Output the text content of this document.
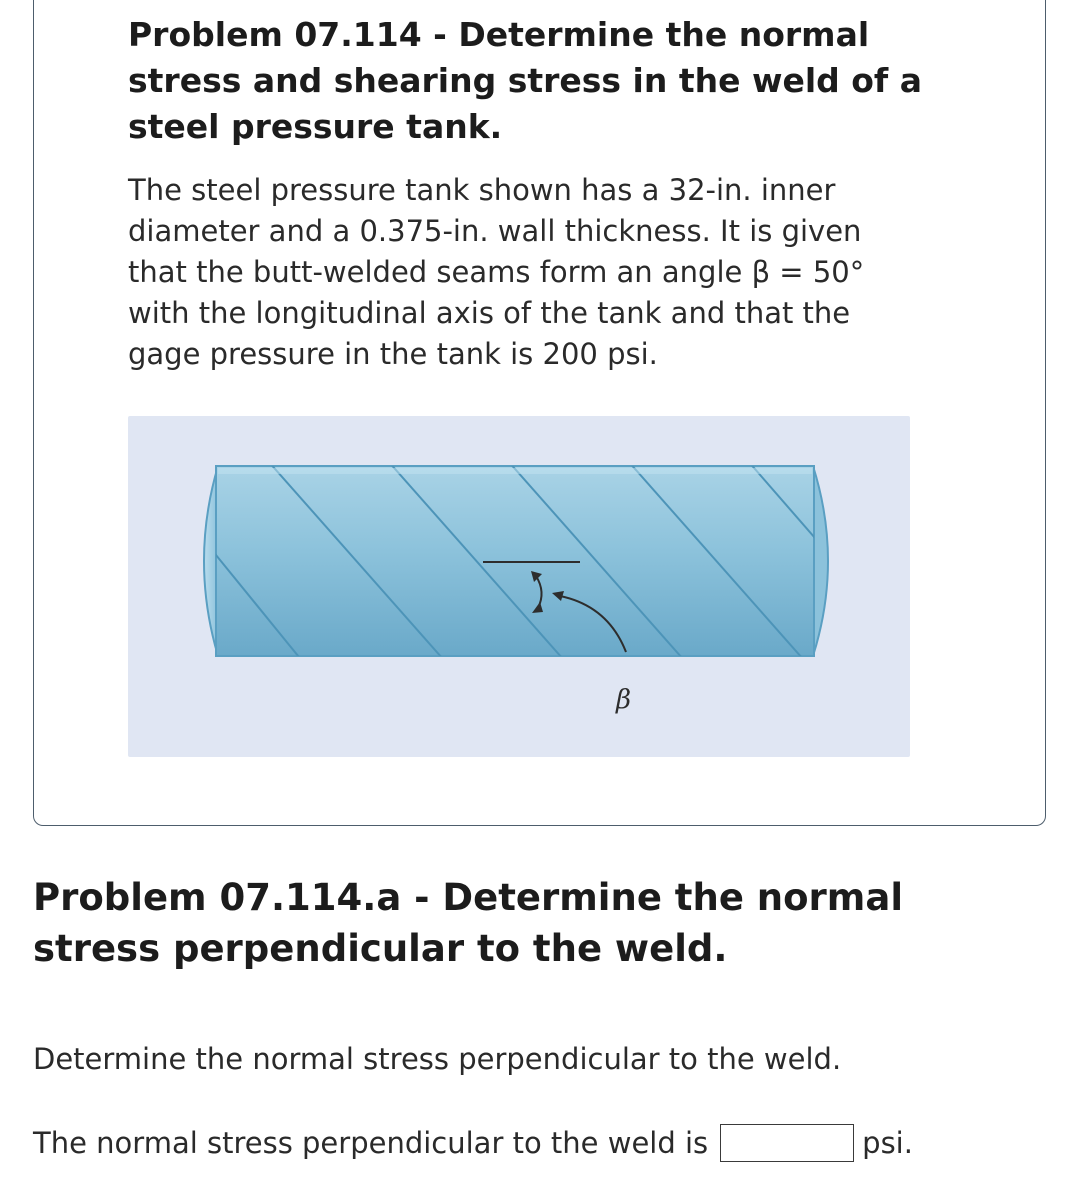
Problem 07.114 - Determine the normal stress and shearing stress in the weld of a steel pressure tank.

The steel pressure tank shown has a 32-in. inner diameter and a 0.375-in. wall thickness. It is given that the butt-welded seams form an angle β = 50° with the longitudinal axis of the tank and that the gage pressure in the tank is 200 psi.

β
Problem 07.114.a - Determine the normal stress perpendicular to the weld.

Determine the normal stress perpendicular to the weld.

The normal stress perpendicular to the weld is	psi.
